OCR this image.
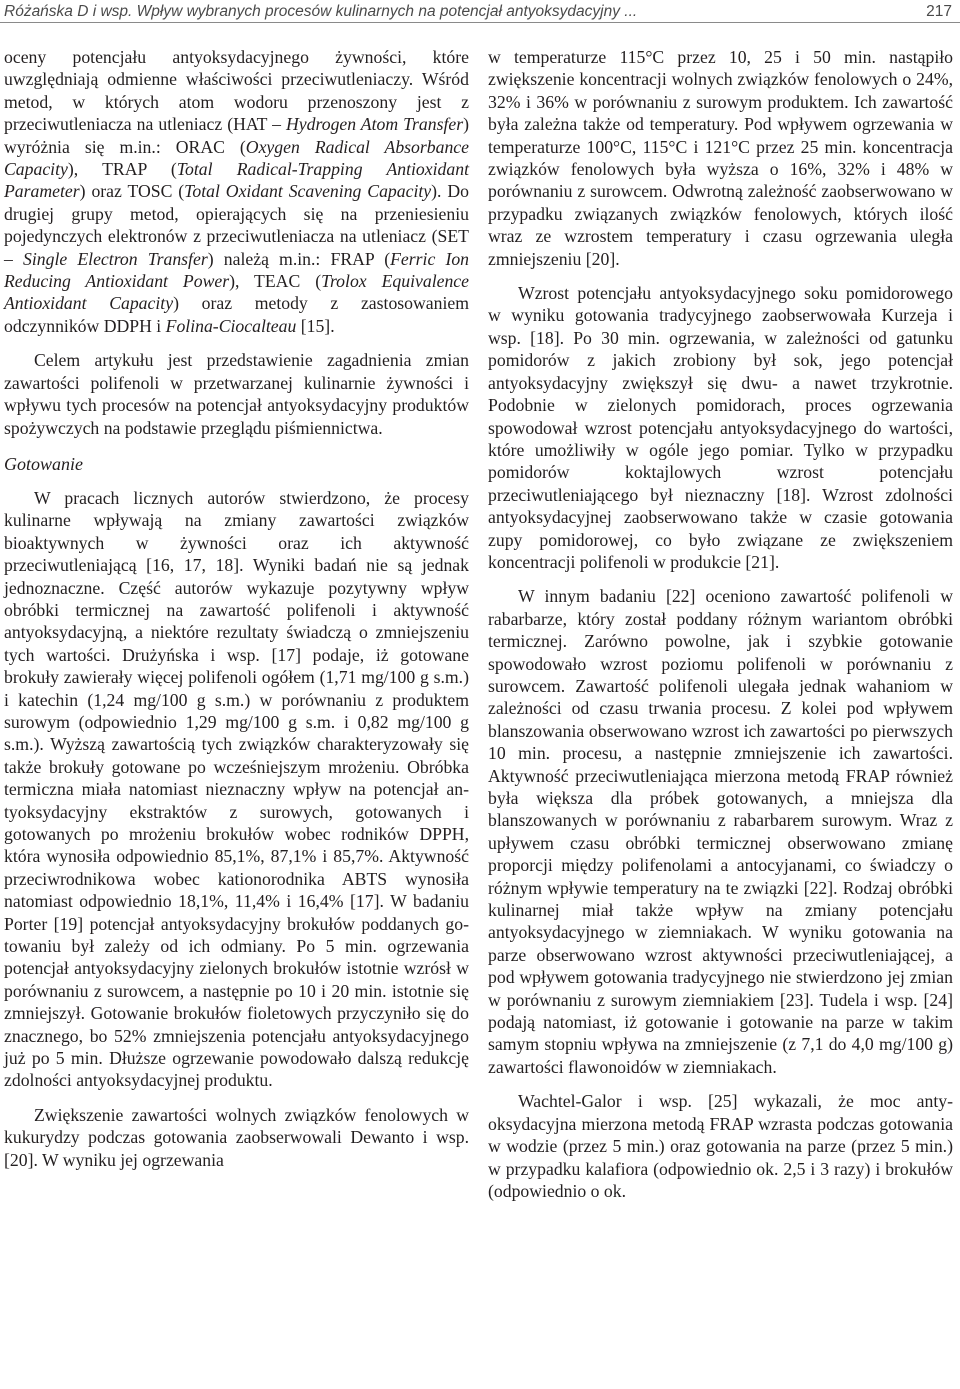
Różańska D i wsp. Wpływ wybranych procesów kulinarnych na potencjał antyoksydacyjny ...	217

oceny potencjału antyoksydacyjnego żywności, które uwzględniają odmienne właściwości przeciwutleniaczy. Wśród metod, w których atom wodoru przenoszony jest z przeciwutleniacza na utleniacz (HAT – Hydrogen Atom Transfer) wyróżnia się m.in.: ORAC (Oxygen Radical Absorbance Capacity), TRAP (Total Radical-Trapping Antioxidant Parameter) oraz TOSC (Total Oxidant Scavening Capacity). Do drugiej grupy metod, opierających się na przeniesieniu pojedynczych elektronów z przeciwutleniacza na utleniacz (SET – Single Electron Transfer) należą m.in.: FRAP (Ferric Ion Reducing Antioxidant Power), TEAC (Trolox Equivalence Antioxidant Capacity) oraz metody z zastosowaniem odczynników DDPH i Folina-Ciocalteau [15].

Celem artykułu jest przedstawienie zagadnienia zmian zawartości polifenoli w przetwarzanej kulinarnie żywności i wpływu tych procesów na potencjał antyoksydacyjny produktów spożywczych na podstawie przeglądu piśmiennictwa.

Gotowanie

W pracach licznych autorów stwierdzono, że procesy kulinarne wpływają na zmiany zawartości związków bioaktywnych w żywności oraz ich aktywność przeciwutleniającą [16, 17, 18]. Wyniki badań nie są jednak jednoznaczne. Część autorów wykazuje pozytywny wpływ obróbki termicznej na zawartość polifenoli i aktywność antyoksydacyjną, a niektóre rezultaty świadczą o zmniejszeniu tych wartości. Drużyńska i wsp. [17] podaje, iż gotowane brokuły zawierały więcej polifenoli ogółem (1,71 mg/100 g s.m.) i katechin (1,24 mg/100 g s.m.) w porównaniu z produktem surowym (odpowiednio 1,29 mg/100 g s.m. i 0,82 mg/100 g s.m.). Wyższą zawartością tych związków charakteryzowały się także brokuły gotowane po wcześniejszym mrożeniu. Obróbka termiczna miała natomiast nieznaczny wpływ na potencjał antyoksydacyjny ekstraktów z surowych, gotowanych i gotowanych po mrożeniu brokułów wobec rodników DPPH, która wynosiła odpowiednio 85,1%, 87,1% i 85,7%. Aktywność przeciwrodnikowa wobec kationorodnika ABTS wynosiła natomiast odpowiednio 18,1%, 11,4% i 16,4% [17]. W badaniu Porter [19] potencjał antyoksydacyjny brokułów poddanych gotowaniu był zależy od ich odmiany. Po 5 min. ogrzewania potencjał antyoksydacyjny zielonych brokułów istotnie wzrósł w porównaniu z surowcem, a następnie po 10 i 20 min. istotnie się zmniejszył. Gotowanie brokułów fioletowych przyczyniło się do znacznego, bo 52% zmniejszenia potencjału antyoksydacyjnego już po 5 min. Dłuższe ogrzewanie powodowało dalszą redukcję zdolności antyoksydacyjnej produktu.

Zwiększenie zawartości wolnych związków fenolowych w kukurydzy podczas gotowania zaobserwowali Dewanto i wsp. [20]. W wyniku jej ogrzewania

w temperaturze 115°C przez 10, 25 i 50 min. nastąpiło zwiększenie koncentracji wolnych związków fenolowych o 24%, 32% i 36% w porównaniu z surowym produktem. Ich zawartość była zależna także od temperatury. Pod wpływem ogrzewania w temperaturze 100°C, 115°C i 121°C przez 25 min. koncentracja związków fenolowych była wyższa o 16%, 32% i 48% w porównaniu z surowcem. Odwrotną zależność zaobserwowano w przypadku związanych związków fenolowych, których ilość wraz ze wzrostem temperatury i czasu ogrzewania uległa zmniejszeniu [20].

Wzrost potencjału antyoksydacyjnego soku pomidorowego w wyniku gotowania tradycyjnego zaobserwowała Kurzeja i wsp. [18]. Po 30 min. ogrzewania, w zależności od gatunku pomidorów z jakich zrobiony był sok, jego potencjał antyoksydacyjny zwiększył się dwu- a nawet trzykrotnie. Podobnie w zielonych pomidorach, proces ogrzewania spowodował wzrost potencjału antyoksydacyjnego do wartości, które umożliwiły w ogóle jego pomiar. Tylko w przypadku pomidorów koktajlowych wzrost potencjału przeciwutleniającego był nieznaczny [18]. Wzrost zdolności antyoksydacyjnej zaobserwowano także w czasie gotowania zupy pomidorowej, co było związane ze zwiększeniem koncentracji polifenoli w produkcie [21].

W innym badaniu [22] oceniono zawartość polifenoli w rabarbarze, który został poddany różnym wariantom obróbki termicznej. Zarówno powolne, jak i szybkie gotowanie spowodowało wzrost poziomu polifenoli w porównaniu z surowcem. Zawartość polifenoli ulegała jednak wahaniom w zależności od czasu trwania procesu. Z kolei pod wpływem blanszowania obserwowano wzrost ich zawartości po pierwszych 10 min. procesu, a następnie zmniejszenie ich zawartości. Aktywność przeciwutleniająca mierzona metodą FRAP również była większa dla próbek gotowanych, a mniejsza dla blanszowanych w porównaniu z rabarbarem surowym. Wraz z upływem czasu obróbki termicznej obserwowano zmianę proporcji między polifenolami a antocyjanami, co świadczy o różnym wpływie temperatury na te związki [22]. Rodzaj obróbki kulinarnej miał także wpływ na zmiany potencjału antyoksydacyjnego w ziemniakach. W wyniku gotowania na parze obserwowano wzrost aktywności przeciwutleniającej, a pod wpływem gotowania tradycyjnego nie stwierdzono jej zmian w porównaniu z surowym ziemniakiem [23]. Tudela i wsp. [24] podają natomiast, iż gotowanie i gotowanie na parze w takim samym stopniu wpływa na zmniejszenie (z 7,1 do 4,0 mg/100 g) zawartości flawonoidów w ziemniakach.

Wachtel-Galor i wsp. [25] wykazali, że moc antyoksydacyjna mierzona metodą FRAP wzrasta podczas gotowania w wodzie (przez 5 min.) oraz gotowania na parze (przez 5 min.) w przypadku kalafiora (odpowiednio ok. 2,5 i 3 razy) i brokułów (odpowiednio o ok.
